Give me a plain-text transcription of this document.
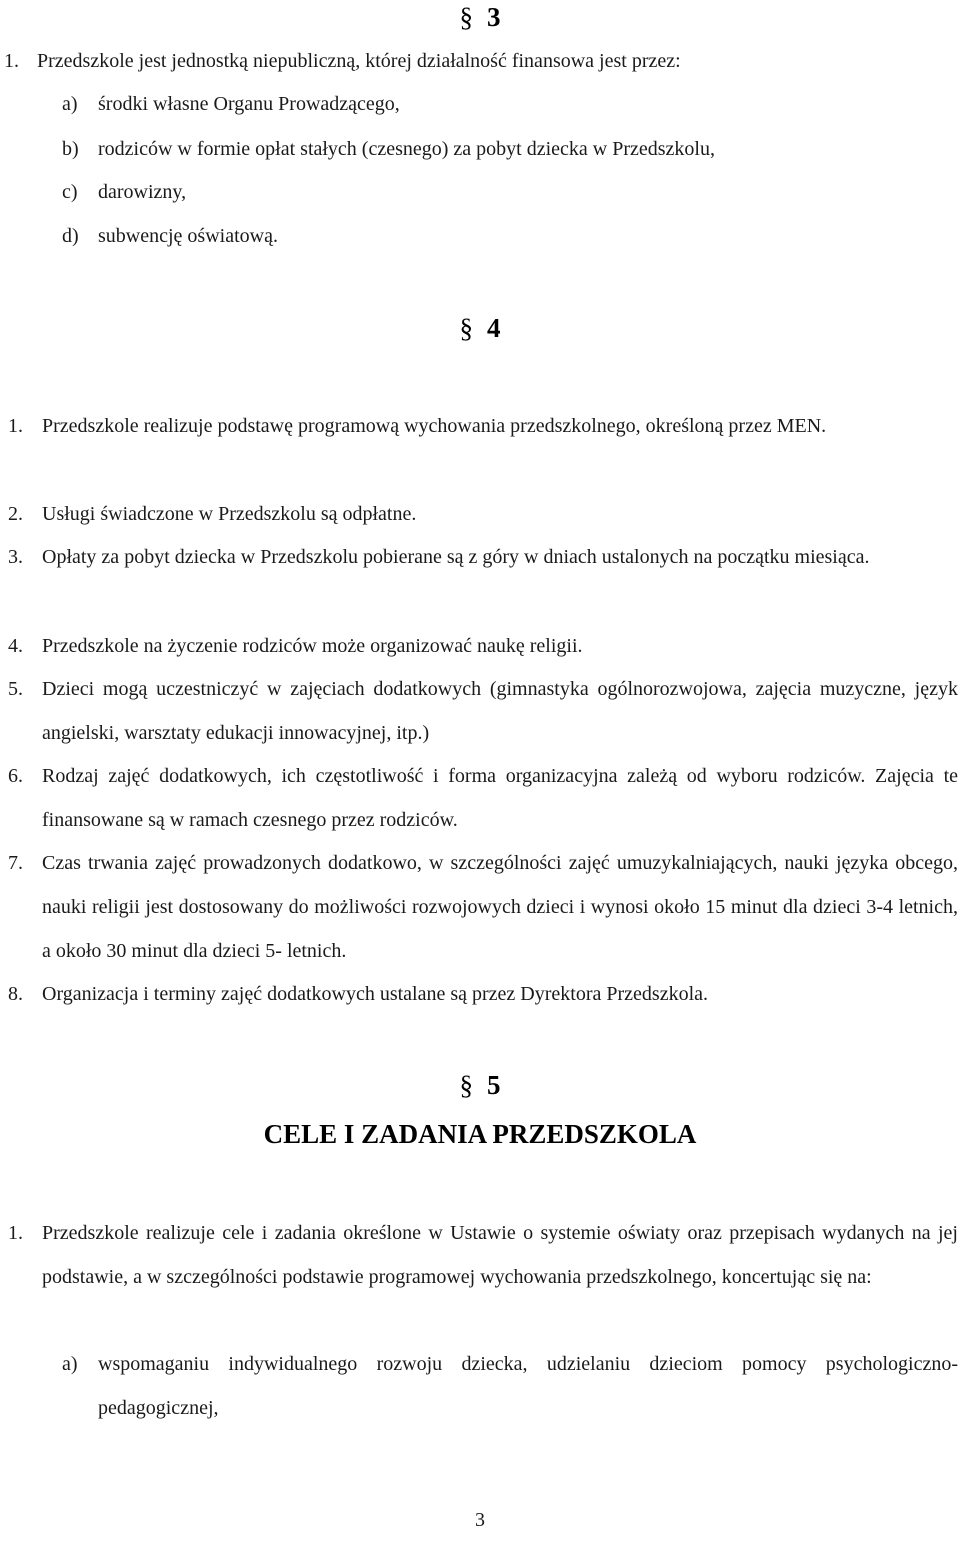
§ 3
1. Przedszkole jest jednostką niepubliczną, której działalność finansowa jest przez:
a)	środki własne Organu Prowadzącego,
b) rodziców w formie opłat stałych (czesnego) za pobyt dziecka w Przedszkolu,
c)	darowizny,
d) subwencję oświatową.
§ 4
1. Przedszkole realizuje podstawę programową wychowania przedszkolnego, określoną przez MEN.
2. Usługi świadczone w Przedszkolu są odpłatne.
3. Opłaty za pobyt dziecka w Przedszkolu pobierane są z góry w dniach ustalonych na początku miesiąca.
4. Przedszkole na życzenie rodziców może organizować naukę religii.
5. Dzieci mogą uczestniczyć w zajęciach dodatkowych (gimnastyka ogólnorozwojowa, zajęcia muzyczne, język angielski, warsztaty edukacji innowacyjnej, itp.)
6. Rodzaj zajęć dodatkowych, ich częstotliwość i forma organizacyjna zależą od wyboru rodziców. Zajęcia te finansowane są w ramach czesnego przez rodziców.
7. Czas trwania zajęć prowadzonych dodatkowo, w szczególności zajęć umuzykalniających, nauki języka obcego, nauki religii jest dostosowany do możliwości rozwojowych dzieci i wynosi około 15 minut dla dzieci 3-4 letnich, a około 30 minut dla dzieci 5- letnich.
8. Organizacja i terminy zajęć dodatkowych ustalane są przez Dyrektora Przedszkola.
§ 5
CELE I ZADANIA PRZEDSZKOLA
1. Przedszkole realizuje cele i zadania określone w Ustawie o systemie oświaty oraz przepisach wydanych na jej podstawie, a w szczególności podstawie programowej wychowania przedszkolnego, koncertując się na:
a)	wspomaganiu indywidualnego rozwoju dziecka, udzielaniu dzieciom pomocy psychologiczno- pedagogicznej,
3
